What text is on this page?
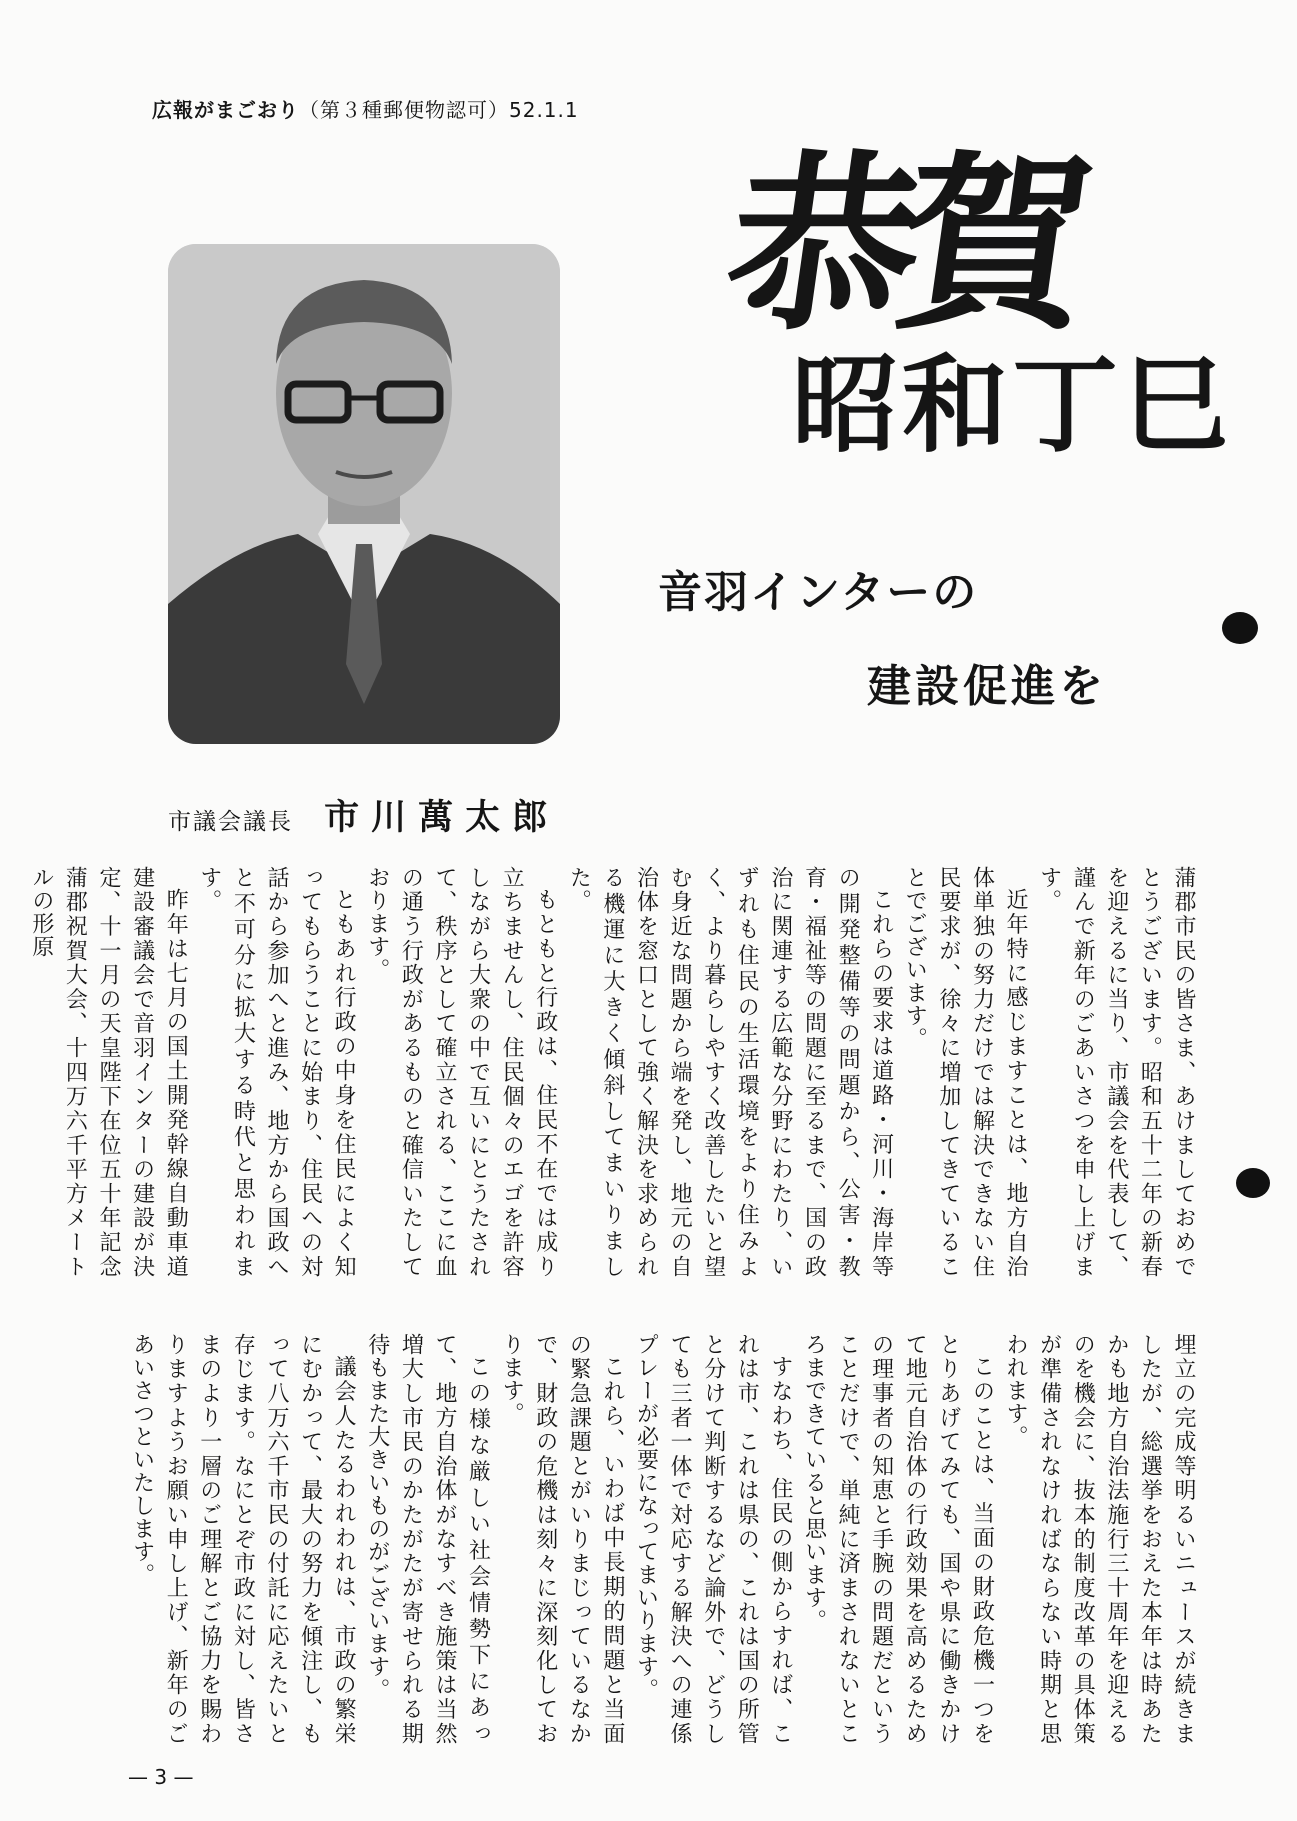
広報がまごおり（第３種郵便物認可）52.1.1
恭賀
昭和丁巳
音羽インターの
建設促進を
市議会議長 市川萬太郎

蒲郡市民の皆さま、あけましておめでとうございます。昭和五十二年の新春を迎えるに当り、市議会を代表して、謹んで新年のごあいさつを申し上げます。

近年特に感じますことは、地方自治体単独の努力だけでは解決できない住民要求が、徐々に増加してきていることでございます。

これらの要求は道路・河川・海岸等の開発整備等の問題から、公害・教育・福祉等の問題に至るまで、国の政治に関連する広範な分野にわたり、いずれも住民の生活環境をより住みよく、より暮らしやすく改善したいと望む身近な問題から端を発し、地元の自治体を窓口として強く解決を求められる機運に大きく傾斜してまいりました。

もともと行政は、住民不在では成り立ちませんし、住民個々のエゴを許容しながら大衆の中で互いにとうたされて、秩序として確立される、ここに血の通う行政があるものと確信いたしております。

ともあれ行政の中身を住民によく知ってもらうことに始まり、住民への対話から参加へと進み、地方から国政へと不可分に拡大する時代と思われます。

昨年は七月の国土開発幹線自動車道建設審議会で音羽インターの建設が決定、十一月の天皇陛下在位五十年記念蒲郡祝賀大会、十四万六千平方メートルの形原

埋立の完成等明るいニュースが続きましたが、総選挙をおえた本年は時あたかも地方自治法施行三十周年を迎えるのを機会に、抜本的制度改革の具体策が準備されなければならない時期と思われます。

このことは、当面の財政危機一つをとりあげてみても、国や県に働きかけて地元自治体の行政効果を高めるための理事者の知恵と手腕の問題だということだけで、単純に済まされないところまできていると思います。

すなわち、住民の側からすれば、これは市、これは県の、これは国の所管と分けて判断するなど論外で、どうしても三者一体で対応する解決への連係プレーが必要になってまいります。

これら、いわば中長期的問題と当面の緊急課題とがいりまじっているなかで、財政の危機は刻々に深刻化しております。

この様な厳しい社会情勢下にあって、地方自治体がなすべき施策は当然増大し市民のかたがたが寄せられる期待もまた大きいものがございます。

議会人たるわれわれは、市政の繁栄にむかって、最大の努力を傾注し、もって八万六千市民の付託に応えたいと存じます。なにとぞ市政に対し、皆さまのより一層のご理解とご協力を賜わりますようお願い申し上げ、新年のごあいさつといたします。

— 3 —
